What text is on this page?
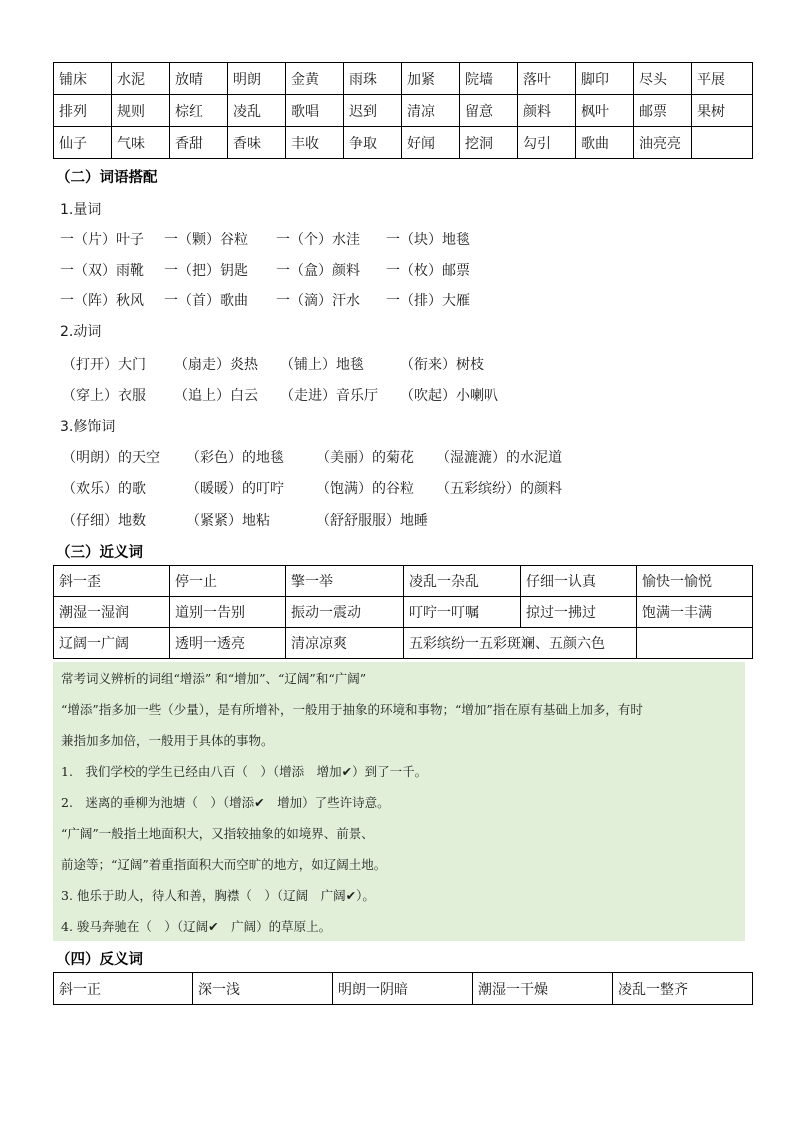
铺床	水泥	放晴	明朗	金黄	雨珠	加紧	院墙	落叶	脚印	尽头	平展
排列	规则	棕红	凌乱	歌唱	迟到	清凉	留意	颜料	枫叶	邮票	果树
仙子	气味	香甜	香味	丰收	争取	好闻	挖洞	勾引	歌曲	油亮亮	
（二）词语搭配
1.量词
一（片）叶子 一（颗）谷粒 一（个）水洼 一（块）地毯
一（双）雨靴 一（把）钥匙 一（盒）颜料 一（枚）邮票
一（阵）秋风 一（首）歌曲 一（滴）汗水 一（排）大雁
2.动词
（打开）大门 （扇走）炎热 （铺上）地毯	（衔来）树枝
（穿上）衣服 （追上）白云 （走进）音乐厅 （吹起）小喇叭
3.修饰词
（明朗）的天空 （彩色）的地毯 （美丽）的菊花 （湿漉漉）的水泥道
（欢乐）的歌	（暖暖）的叮咛 （饱满）的谷粒 （五彩缤纷）的颜料
（仔细）地数	（紧紧）地粘	（舒舒服服）地睡
（三）近义词
斜一歪	停一止	擎一举	凌乱一杂乱	仔细一认真	愉快一愉悦
潮湿一湿润	道别一告别	振动一震动	叮咛一叮嘱	掠过一拂过	饱满一丰满
辽阔一广阔	透明一透亮	清凉凉爽	五彩缤纷一五彩斑斓、五颜六色		
常考词义辨析的词组“增添” 和“增加”、“辽阔”和“广阔”
“增添”指多加一些（少量），是有所增补，一般用于抽象的环境和事物；“增加”指在原有基础上加多，有时
兼指加多加倍，一般用于具体的事物。
1.　我们学校的学生已经由八百（　）（增添　增加✔）到了一千。
2.　迷离的垂柳为池塘（　）（增添✔　增加）了些许诗意。
“广阔”一般指土地面积大，又指较抽象的如境界、前景、
前途等；“辽阔”着重指面积大而空旷的地方，如辽阔土地。
3. 他乐于助人，待人和善，胸襟（　）（辽阔　广阔✔）。
4. 骏马奔驰在（　）（辽阔✔　广阔）的草原上。
（四）反义词
斜一正	深一浅	明朗一阴暗	潮湿一干燥	凌乱一整齐
